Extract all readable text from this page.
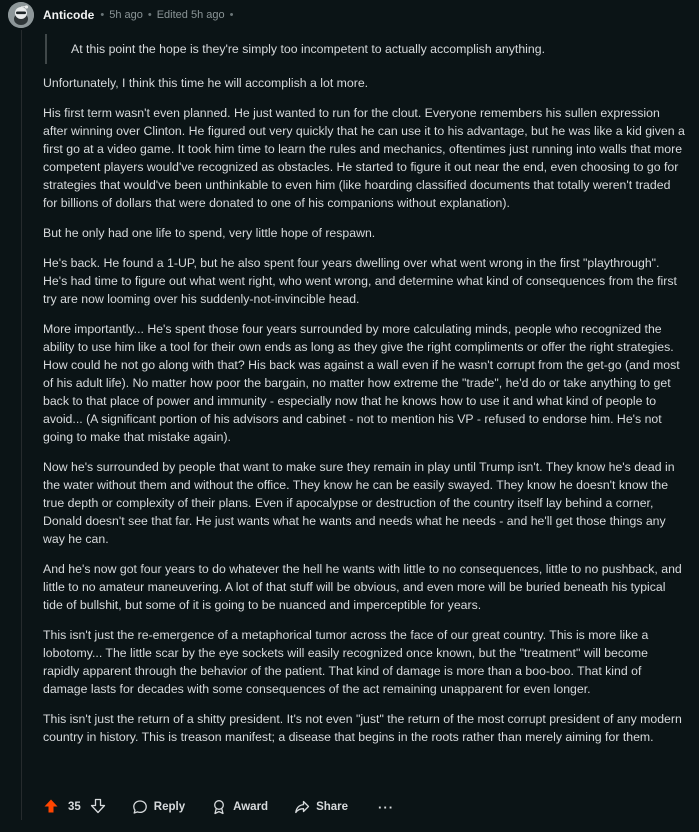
Anticode • 5h ago • Edited 5h ago •
At this point the hope is they're simply too incompetent to actually accomplish anything.

Unfortunately, I think this time he will accomplish a lot more.

His first term wasn't even planned. He just wanted to run for the clout. Everyone remembers his sullen expression after winning over Clinton. He figured out very quickly that he can use it to his advantage, but he was like a kid given a first go at a video game. It took him time to learn the rules and mechanics, oftentimes just running into walls that more competent players would've recognized as obstacles. He started to figure it out near the end, even choosing to go for strategies that would've been unthinkable to even him (like hoarding classified documents that totally weren't traded for billions of dollars that were donated to one of his companions without explanation).

But he only had one life to spend, very little hope of respawn.

He's back. He found a 1-UP, but he also spent four years dwelling over what went wrong in the first "playthrough". He's had time to figure out what went right, who went wrong, and determine what kind of consequences from the first try are now looming over his suddenly-not-invincible head.

More importantly... He's spent those four years surrounded by more calculating minds, people who recognized the ability to use him like a tool for their own ends as long as they give the right compliments or offer the right strategies. How could he not go along with that? His back was against a wall even if he wasn't corrupt from the get-go (and most of his adult life). No matter how poor the bargain, no matter how extreme the "trade", he'd do or take anything to get back to that place of power and immunity - especially now that he knows how to use it and what kind of people to avoid... (A significant portion of his advisors and cabinet - not to mention his VP - refused to endorse him. He's not going to make that mistake again).

Now he's surrounded by people that want to make sure they remain in play until Trump isn't. They know he's dead in the water without them and without the office. They know he can be easily swayed. They know he doesn't know the true depth or complexity of their plans. Even if apocalypse or destruction of the country itself lay behind a corner, Donald doesn't see that far. He just wants what he wants and needs what he needs - and he'll get those things any way he can.

And he's now got four years to do whatever the hell he wants with little to no consequences, little to no pushback, and little to no amateur maneuvering. A lot of that stuff will be obvious, and even more will be buried beneath his typical tide of bullshit, but some of it is going to be nuanced and imperceptible for years.

This isn't just the re-emergence of a metaphorical tumor across the face of our great country. This is more like a lobotomy... The little scar by the eye sockets will easily recognized once known, but the "treatment" will become rapidly apparent through the behavior of the patient. That kind of damage is more than a boo-boo. That kind of damage lasts for decades with some consequences of the act remaining unapparent for even longer.

This isn't just the return of a shitty president. It's not even "just" the return of the most corrupt president of any modern country in history. This is treason manifest; a disease that begins in the roots rather than merely aiming for them.

35	Reply	Award	Share ···
